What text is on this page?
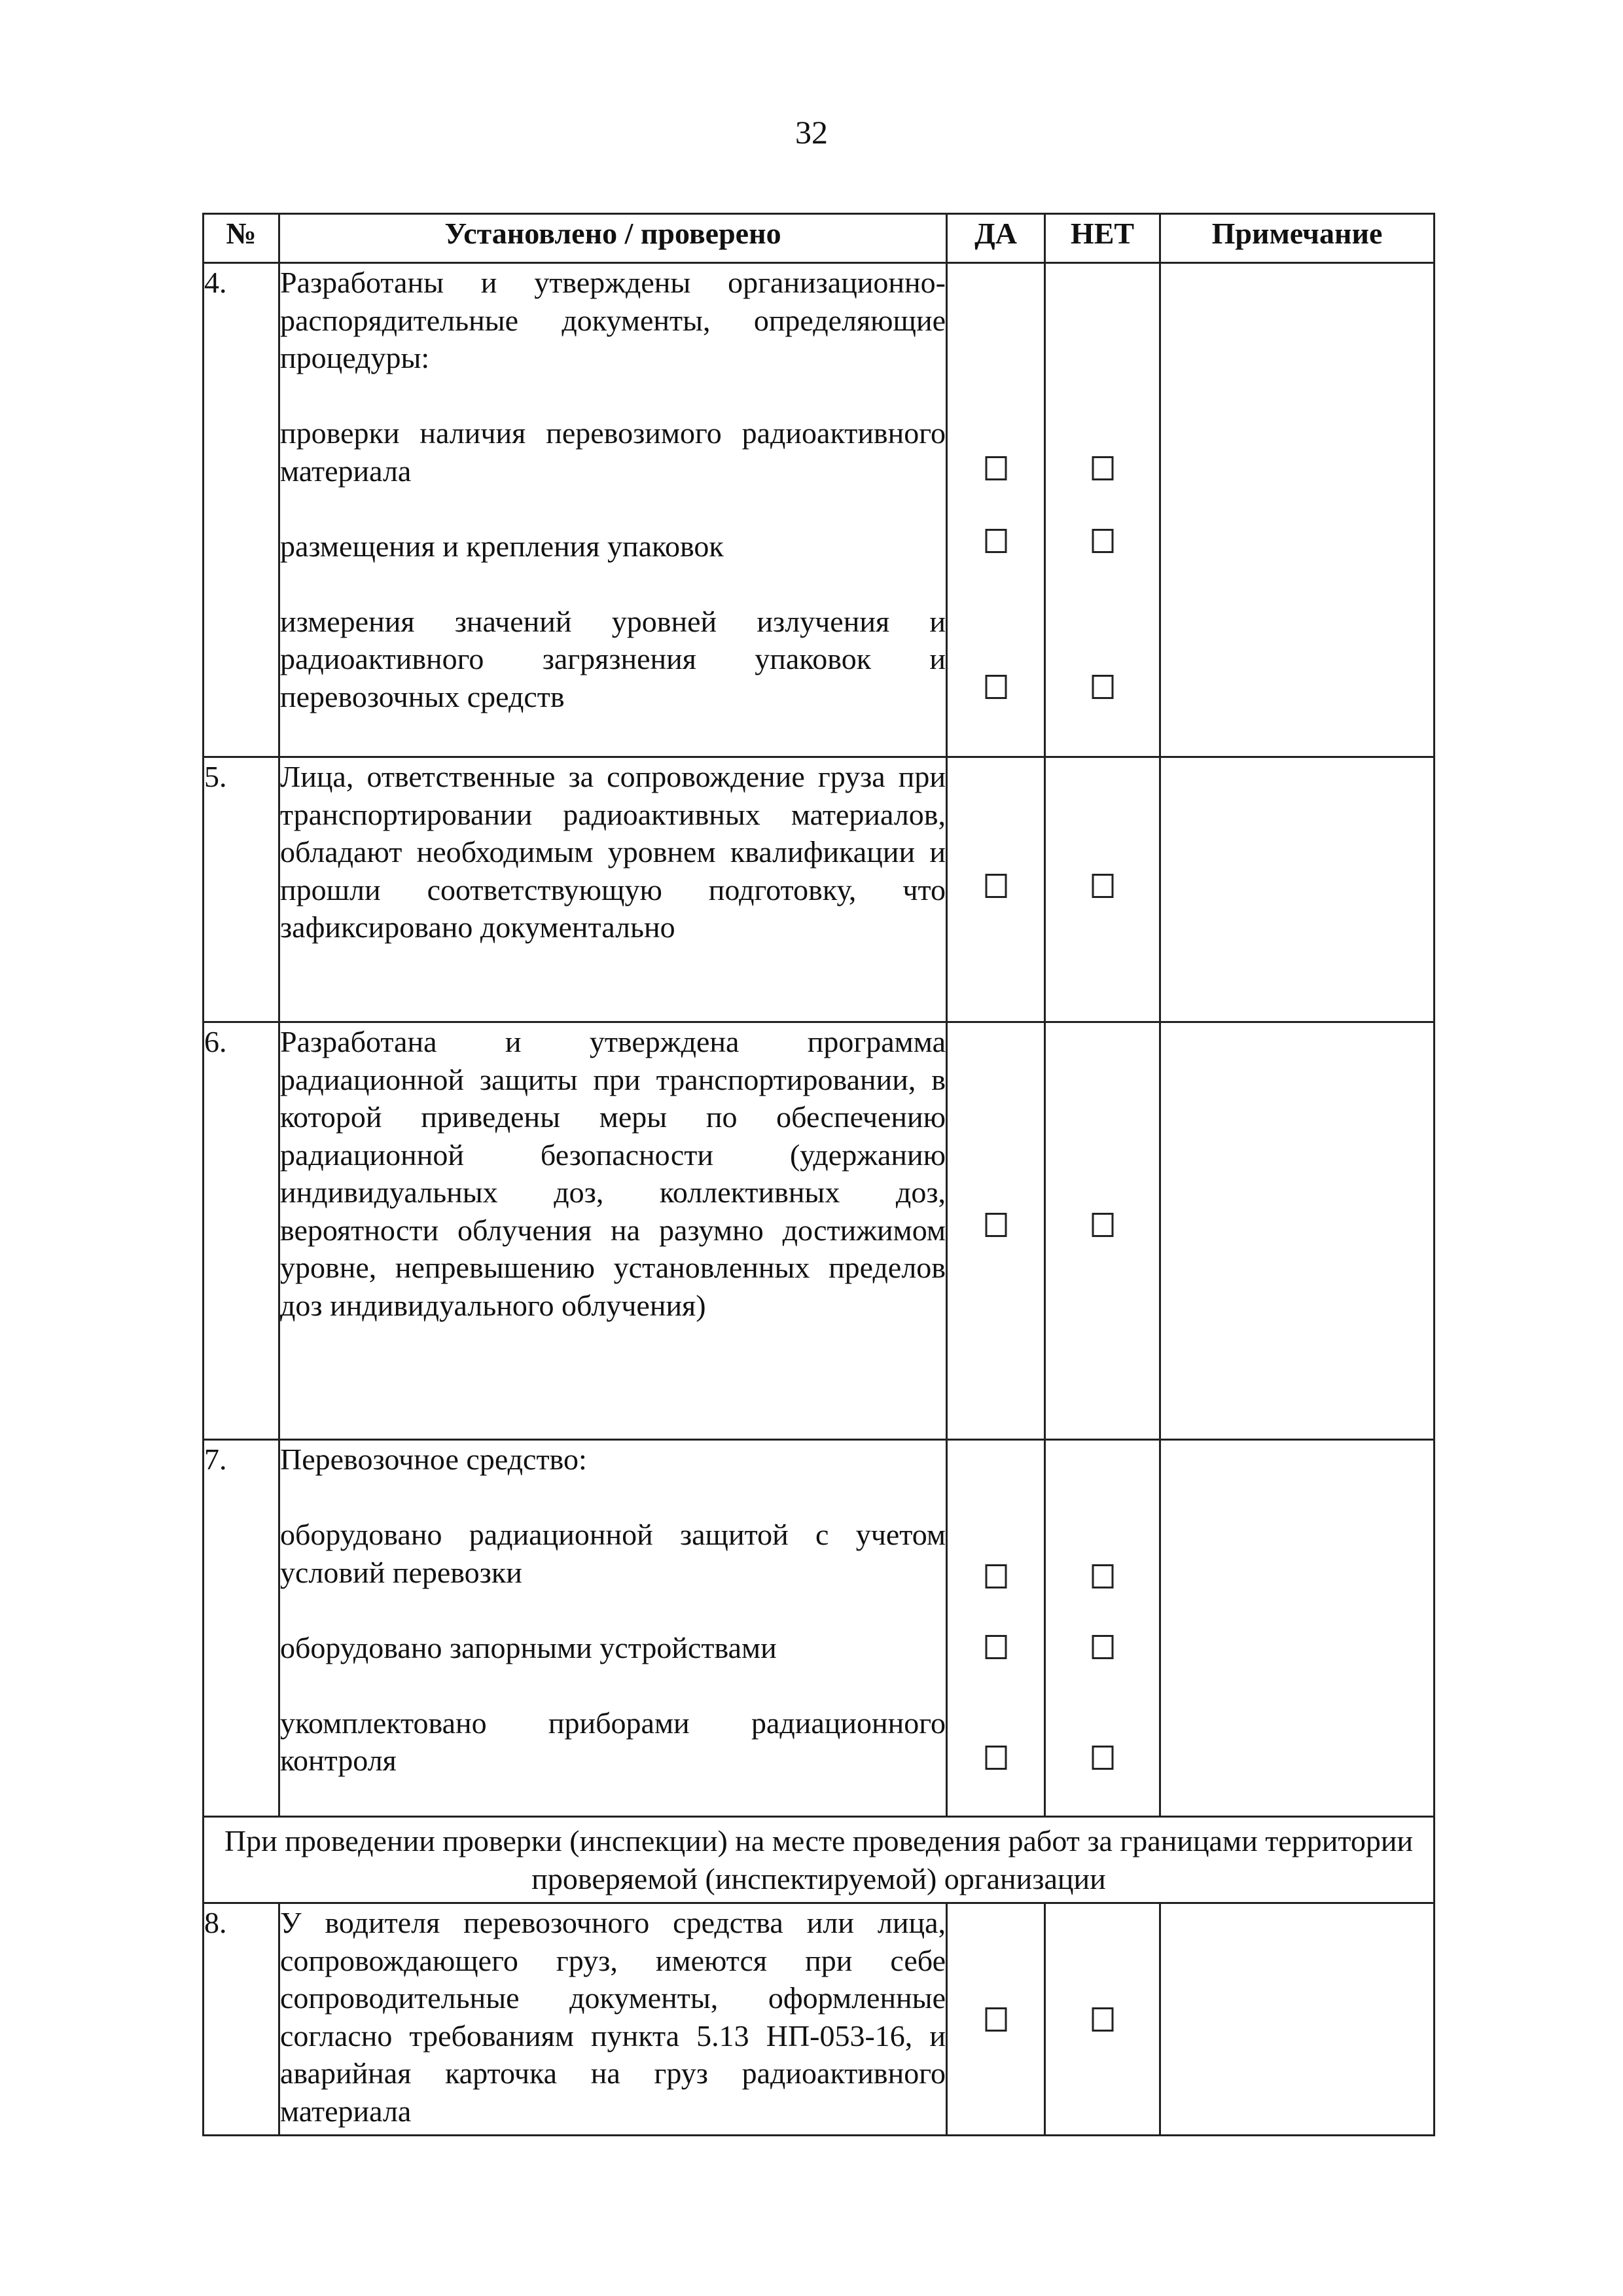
32
№	Установлено / проверено	ДА	НЕТ	Примечание
4.	Разработаны и утверждены организационно-распорядительные документы, определяющие процедуры:

проверки наличия перевозимого радиоактивного материала

размещения и крепления упаковок

измерения значений уровней излучения и радиоактивного загрязнения упаковок и перевозочных средств			

5.	Лица, ответственные за сопровождение груза при транспортировании радиоактивных материалов, обладают необходимым уровнем квалификации и прошли соответствующую подготовку, что зафиксировано документально			

6.	Разработана и утверждена программа радиационной защиты при транспортировании, в которой приведены меры по обеспечению радиационной безопасности (удержанию индивидуальных доз, коллективных доз, вероятности облучения на разумно достижимом уровне, непревышению установленных пределов доз индивидуального облучения)			

7.	Перевозочное средство:

оборудовано радиационной защитой с учетом условий перевозки

оборудовано запорными устройствами

укомплектовано приборами радиационного контроля			

При проведении проверки (инспекции) на месте проведения работ за границами территории проверяемой (инспектируемой) организации				
8.	У водителя перевозочного средства или лица, сопровождающего груз, имеются при себе сопроводительные документы, оформленные согласно требованиям пункта 5.13 НП-053-16, и аварийная карточка на груз радиоактивного материала			
